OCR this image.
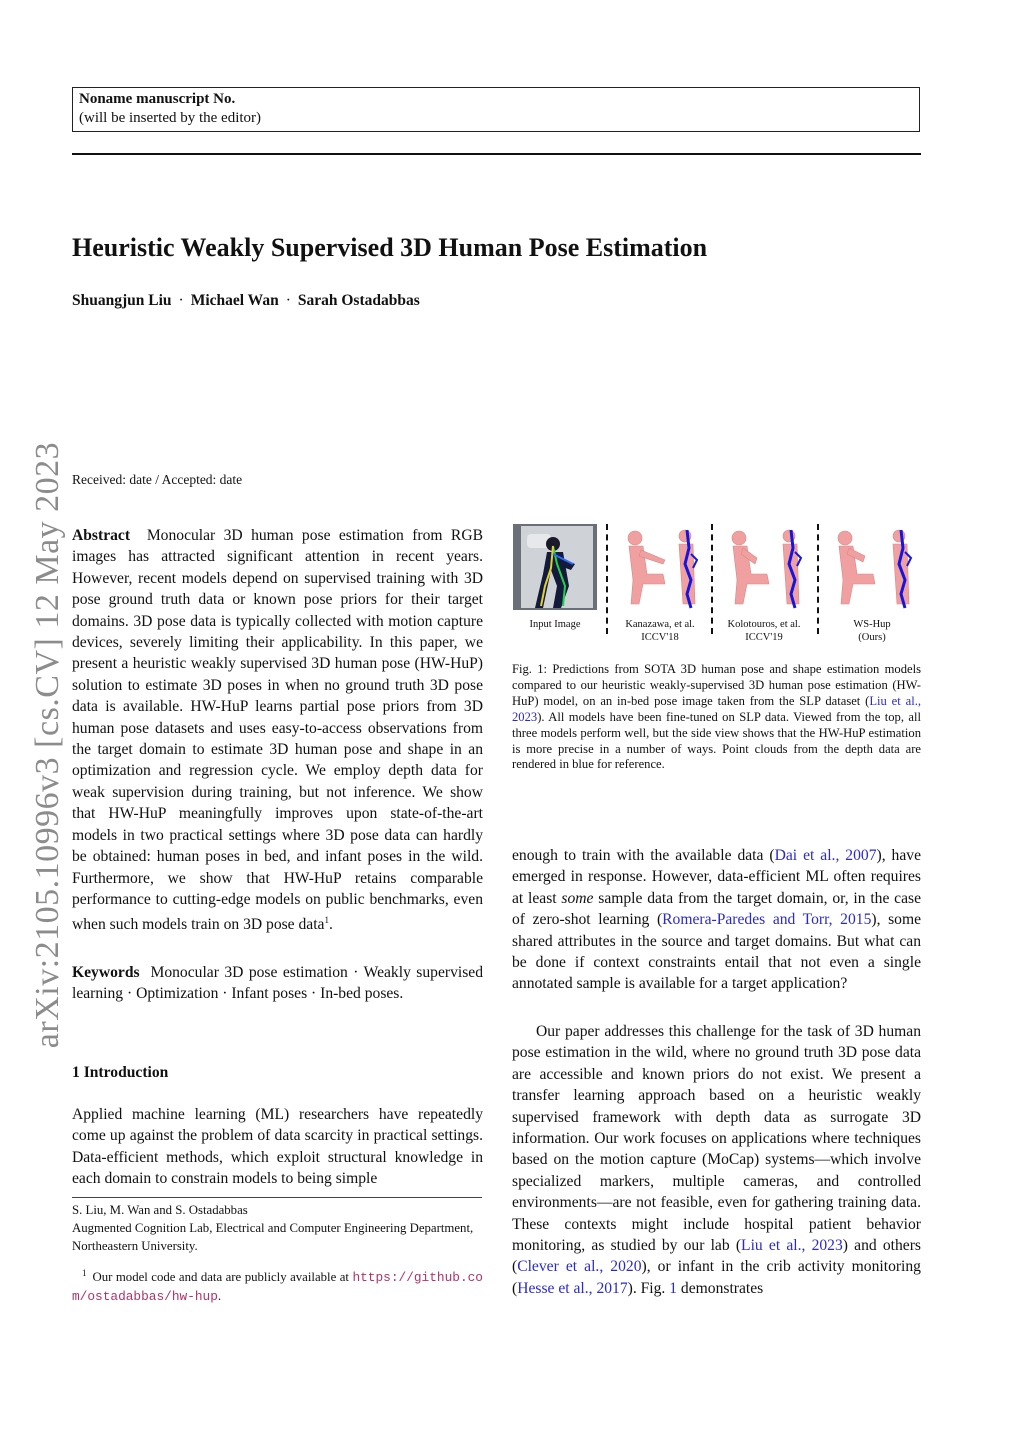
Noname manuscript No.
(will be inserted by the editor)
arXiv:2105.10996v3 [cs.CV] 12 May 2023
Heuristic Weakly Supervised 3D Human Pose Estimation
Shuangjun Liu · Michael Wan · Sarah Ostadabbas
Received: date / Accepted: date
Abstract Monocular 3D human pose estimation from RGB images has attracted significant attention in recent years. However, recent models depend on supervised training with 3D pose ground truth data or known pose priors for their target domains. 3D pose data is typically collected with motion capture devices, severely limiting their applicability. In this paper, we present a heuristic weakly supervised 3D human pose (HW-HuP) solution to estimate 3D poses in when no ground truth 3D pose data is available. HW-HuP learns partial pose priors from 3D human pose datasets and uses easy-to-access observations from the target domain to estimate 3D human pose and shape in an optimization and regression cycle. We employ depth data for weak supervision during training, but not inference. We show that HW-HuP meaningfully improves upon state-of-the-art models in two practical settings where 3D pose data can hardly be obtained: human poses in bed, and infant poses in the wild. Furthermore, we show that HW-HuP retains comparable performance to cutting-edge models on public benchmarks, even when such models train on 3D pose data$^1$.
Keywords Monocular 3D pose estimation · Weakly supervised learning · Optimization · Infant poses · In-bed poses.
1 Introduction
Applied machine learning (ML) researchers have repeatedly come up against the problem of data scarcity in practical settings. Data-efficient methods, which exploit structural knowledge in each domain to constrain models to being simple
S. Liu, M. Wan and S. Ostadabbas
Augmented Cognition Lab, Electrical and Computer Engineering Department, Northeastern University.
$^1$ Our model code and data are publicly available at https://github.com/ostadabbas/hw-hup.
Input Image	Kanazawa, et al.
ICCV'18
Kolotouros, et al.
ICCV'19
WS-Hup
(Ours)
Fig. 1: Predictions from SOTA 3D human pose and shape estimation models compared to our heuristic weakly-supervised 3D human pose estimation (HW-HuP) model, on an in-bed pose image taken from the SLP dataset (Liu et al., 2023). All models have been fine-tuned on SLP data. Viewed from the top, all three models perform well, but the side view shows that the HW-HuP estimation is more precise in a number of ways. Point clouds from the depth data are rendered in blue for reference.
enough to train with the available data (Dai et al., 2007), have emerged in response. However, data-efficient ML often requires at least some sample data from the target domain, or, in the case of zero-shot learning (Romera-Paredes and Torr, 2015), some shared attributes in the source and target domains. But what can be done if context constraints entail that not even a single annotated sample is available for a target application?
Our paper addresses this challenge for the task of 3D human pose estimation in the wild, where no ground truth 3D pose data are accessible and known priors do not exist. We present a transfer learning approach based on a heuristic weakly supervised framework with depth data as surrogate 3D information. Our work focuses on applications where techniques based on the motion capture (MoCap) systems—which involve specialized markers, multiple cameras, and controlled environments—are not feasible, even for gathering training data. These contexts might include hospital patient behavior monitoring, as studied by our lab (Liu et al., 2023) and others (Clever et al., 2020), or infant in the crib activity monitoring (Hesse et al., 2017). Fig. 1 demonstrates
